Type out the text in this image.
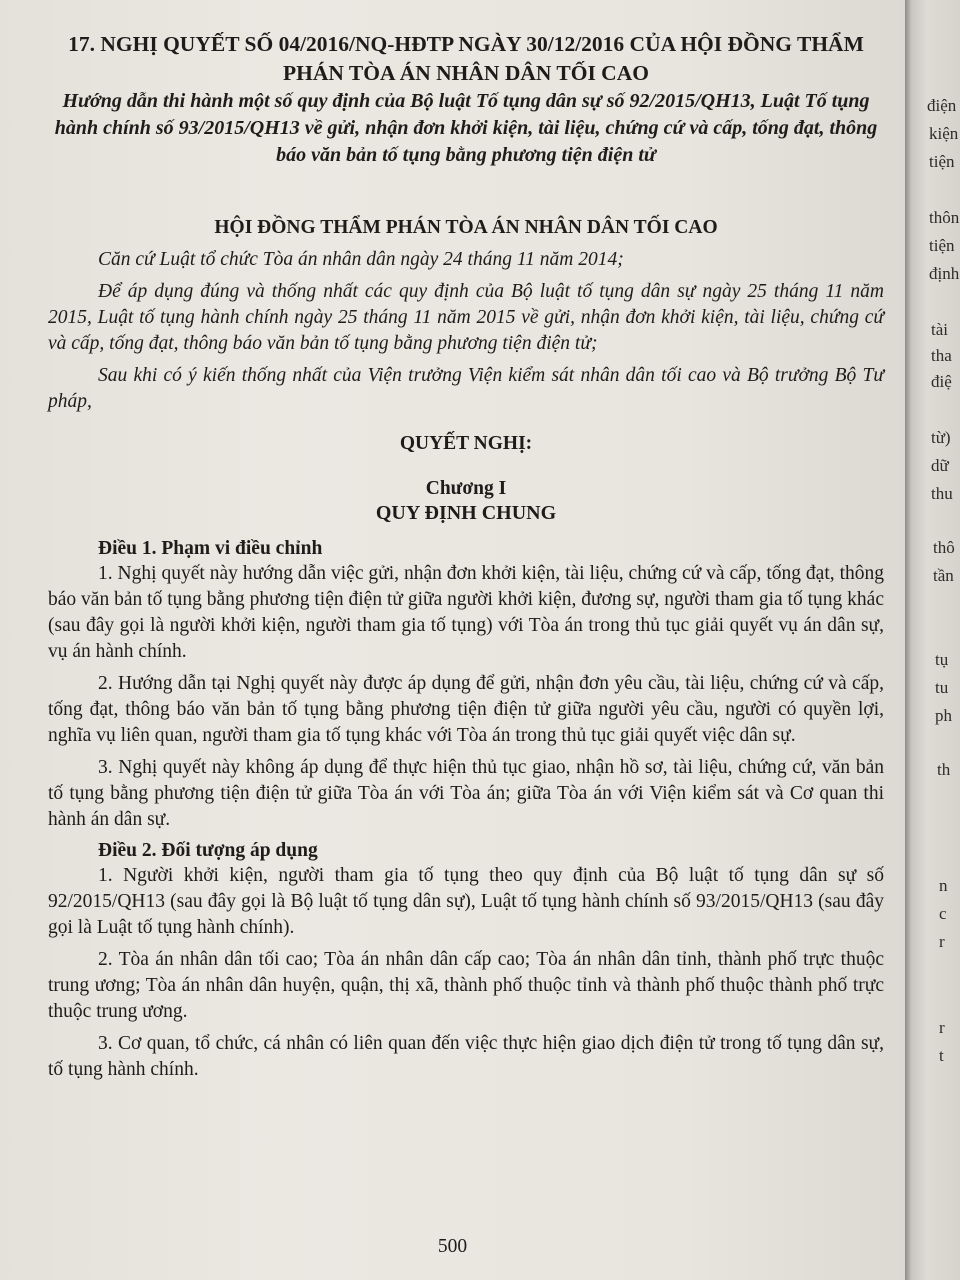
17. NGHỊ QUYẾT SỐ 04/2016/NQ-HĐTP NGÀY 30/12/2016 CỦA HỘI ĐỒNG THẨM PHÁN TÒA ÁN NHÂN DÂN TỐI CAO
Hướng dẫn thi hành một số quy định của Bộ luật Tố tụng dân sự số 92/2015/QH13, Luật Tố tụng hành chính số 93/2015/QH13 về gửi, nhận đơn khởi kiện, tài liệu, chứng cứ và cấp, tống đạt, thông báo văn bản tố tụng bằng phương tiện điện tử
HỘI ĐỒNG THẨM PHÁN TÒA ÁN NHÂN DÂN TỐI CAO

Căn cứ Luật tổ chức Tòa án nhân dân ngày 24 tháng 11 năm 2014;

Để áp dụng đúng và thống nhất các quy định của Bộ luật tố tụng dân sự ngày 25 tháng 11 năm 2015, Luật tố tụng hành chính ngày 25 tháng 11 năm 2015 về gửi, nhận đơn khởi kiện, tài liệu, chứng cứ và cấp, tống đạt, thông báo văn bản tố tụng bằng phương tiện điện tử;

Sau khi có ý kiến thống nhất của Viện trưởng Viện kiểm sát nhân dân tối cao và Bộ trưởng Bộ Tư pháp,

QUYẾT NGHỊ:
Chương I
QUY ĐỊNH CHUNG
Điều 1. Phạm vi điều chỉnh

1. Nghị quyết này hướng dẫn việc gửi, nhận đơn khởi kiện, tài liệu, chứng cứ và cấp, tống đạt, thông báo văn bản tố tụng bằng phương tiện điện tử giữa người khởi kiện, đương sự, người tham gia tố tụng khác (sau đây gọi là người khởi kiện, người tham gia tố tụng) với Tòa án trong thủ tục giải quyết vụ án dân sự, vụ án hành chính.

2. Hướng dẫn tại Nghị quyết này được áp dụng để gửi, nhận đơn yêu cầu, tài liệu, chứng cứ và cấp, tống đạt, thông báo văn bản tố tụng bằng phương tiện điện tử giữa người yêu cầu, người có quyền lợi, nghĩa vụ liên quan, người tham gia tố tụng khác với Tòa án trong thủ tục giải quyết việc dân sự.

3. Nghị quyết này không áp dụng để thực hiện thủ tục giao, nhận hồ sơ, tài liệu, chứng cứ, văn bản tố tụng bằng phương tiện điện tử giữa Tòa án với Tòa án; giữa Tòa án với Viện kiểm sát và Cơ quan thi hành án dân sự.

Điều 2. Đối tượng áp dụng

1. Người khởi kiện, người tham gia tố tụng theo quy định của Bộ luật tố tụng dân sự số 92/2015/QH13 (sau đây gọi là Bộ luật tố tụng dân sự), Luật tố tụng hành chính số 93/2015/QH13 (sau đây gọi là Luật tố tụng hành chính).

2. Tòa án nhân dân tối cao; Tòa án nhân dân cấp cao; Tòa án nhân dân tỉnh, thành phố trực thuộc trung ương; Tòa án nhân dân huyện, quận, thị xã, thành phố thuộc tỉnh và thành phố thuộc thành phố trực thuộc trung ương.

3. Cơ quan, tổ chức, cá nhân có liên quan đến việc thực hiện giao dịch điện tử trong tố tụng dân sự, tố tụng hành chính.

500
điện
kiện
tiện
thôn
tiện
định
tài
tha
điệ
từ)
dữ
thu
thô
tần
tụ
tu
ph
th
n
c
r
r
t
